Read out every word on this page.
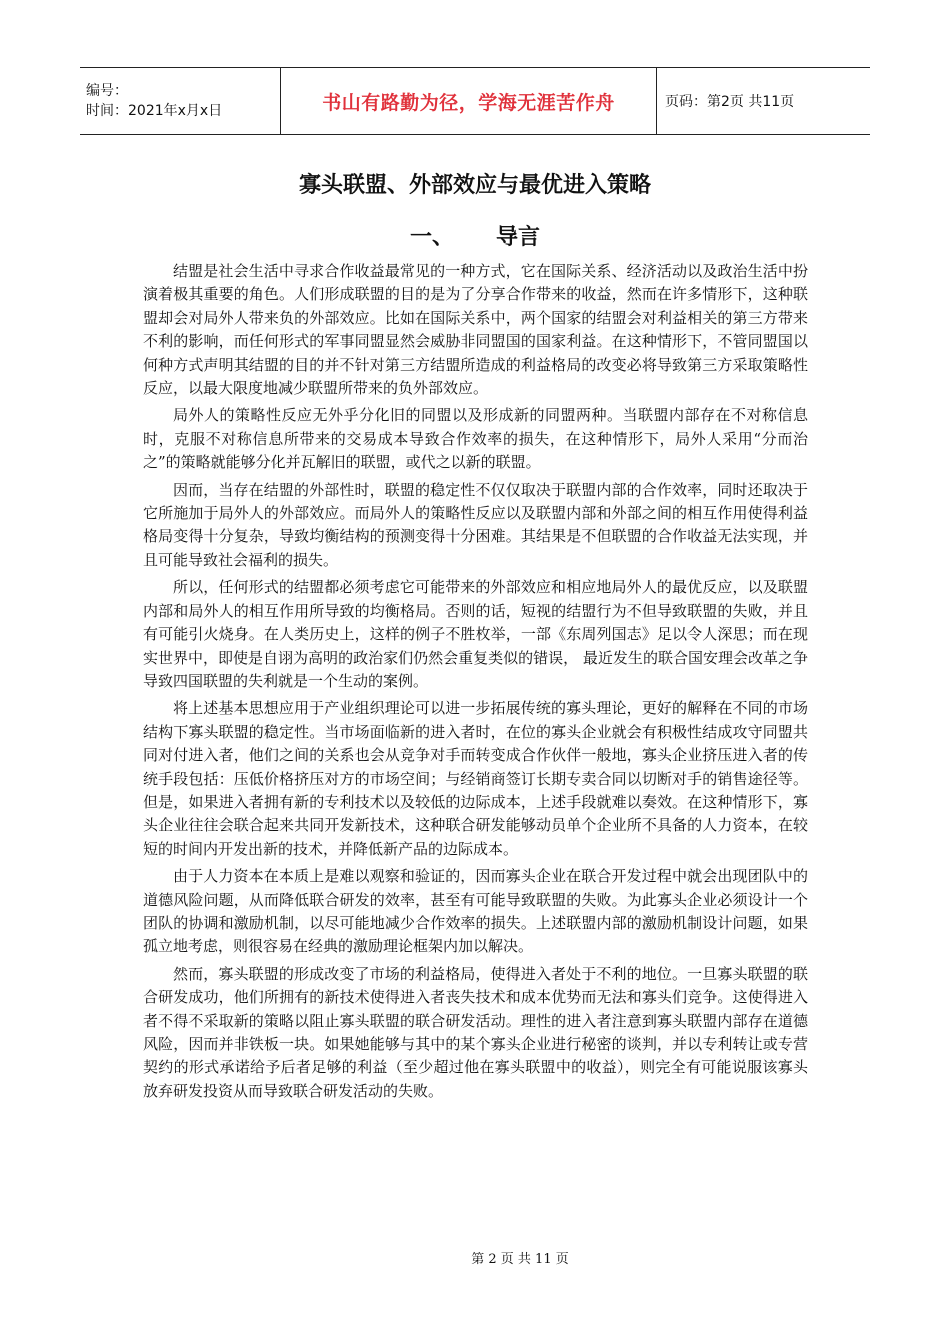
编号：
时间：2021年x月x日	书山有路勤为径，学海无涯苦作舟	页码：第2页 共11页
寡头联盟、外部效应与最优进入策略
一、 导言

结盟是社会生活中寻求合作收益最常见的一种方式，它在国际关系、经济活动以及政治生活中扮演着极其重要的角色。人们形成联盟的目的是为了分享合作带来的收益，然而在许多情形下，这种联盟却会对局外人带来负的外部效应。比如在国际关系中，两个国家的结盟会对利益相关的第三方带来不利的影响，而任何形式的军事同盟显然会威胁非同盟国的国家利益。在这种情形下，不管同盟国以何种方式声明其结盟的目的并不针对第三方结盟所造成的利益格局的改变必将导致第三方采取策略性反应，以最大限度地减少联盟所带来的负外部效应。

局外人的策略性反应无外乎分化旧的同盟以及形成新的同盟两种。当联盟内部存在不对称信息时，克服不对称信息所带来的交易成本导致合作效率的损失，在这种情形下，局外人采用“分而治之”的策略就能够分化并瓦解旧的联盟，或代之以新的联盟。

因而，当存在结盟的外部性时，联盟的稳定性不仅仅取决于联盟内部的合作效率，同时还取决于它所施加于局外人的外部效应。而局外人的策略性反应以及联盟内部和外部之间的相互作用使得利益格局变得十分复杂，导致均衡结构的预测变得十分困难。其结果是不但联盟的合作收益无法实现，并且可能导致社会福利的损失。

所以，任何形式的结盟都必须考虑它可能带来的外部效应和相应地局外人的最优反应，以及联盟内部和局外人的相互作用所导致的均衡格局。否则的话，短视的结盟行为不但导致联盟的失败，并且有可能引火烧身。在人类历史上，这样的例子不胜枚举，一部《东周列国志》足以令人深思；而在现实世界中，即使是自诩为高明的政治家们仍然会重复类似的错误， 最近发生的联合国安理会改革之争导致四国联盟的失利就是一个生动的案例。

将上述基本思想应用于产业组织理论可以进一步拓展传统的寡头理论，更好的解释在不同的市场结构下寡头联盟的稳定性。当市场面临新的进入者时，在位的寡头企业就会有积极性结成攻守同盟共同对付进入者，他们之间的关系也会从竞争对手而转变成合作伙伴一般地，寡头企业挤压进入者的传统手段包括：压低价格挤压对方的市场空间；与经销商签订长期专卖合同以切断对手的销售途径等。但是，如果进入者拥有新的专利技术以及较低的边际成本，上述手段就难以奏效。在这种情形下，寡头企业往往会联合起来共同开发新技术，这种联合研发能够动员单个企业所不具备的人力资本，在较短的时间内开发出新的技术，并降低新产品的边际成本。

由于人力资本在本质上是难以观察和验证的，因而寡头企业在联合开发过程中就会出现团队中的道德风险问题，从而降低联合研发的效率，甚至有可能导致联盟的失败。为此寡头企业必须设计一个团队的协调和激励机制，以尽可能地减少合作效率的损失。上述联盟内部的激励机制设计问题，如果孤立地考虑，则很容易在经典的激励理论框架内加以解决。

然而，寡头联盟的形成改变了市场的利益格局，使得进入者处于不利的地位。一旦寡头联盟的联合研发成功，他们所拥有的新技术使得进入者丧失技术和成本优势而无法和寡头们竞争。这使得进入者不得不采取新的策略以阻止寡头联盟的联合研发活动。理性的进入者注意到寡头联盟内部存在道德风险，因而并非铁板一块。如果她能够与其中的某个寡头企业进行秘密的谈判，并以专利转让或专营契约的形式承诺给予后者足够的利益（至少超过他在寡头联盟中的收益），则完全有可能说服该寡头放弃研发投资从而导致联合研发活动的失败。

第 2 页 共 11 页
